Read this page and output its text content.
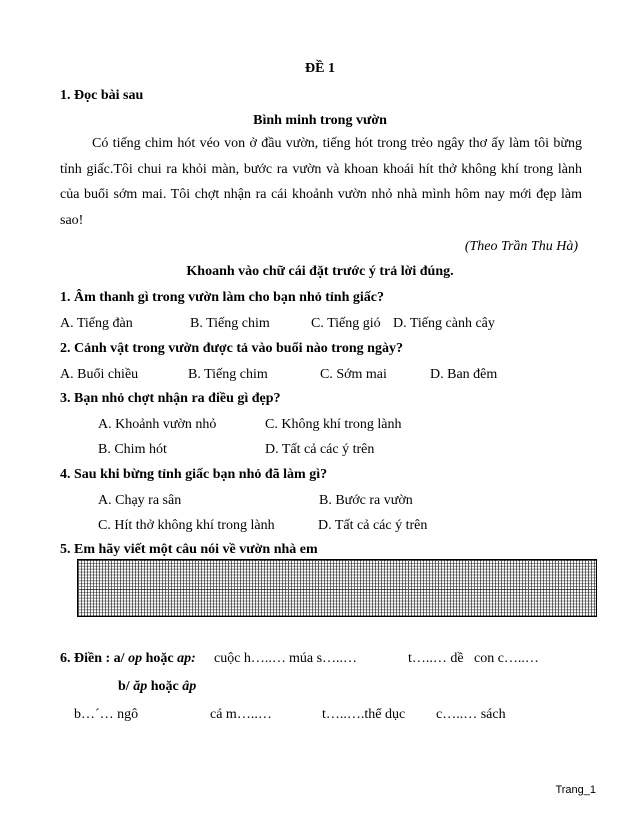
ĐỀ 1
1. Đọc bài sau
Bình minh trong vườn
Có tiếng chim hót véo von ở đầu vườn, tiếng hót trong trẻo ngây thơ ấy làm tôi bừng tỉnh giấc.Tôi chui ra khỏi màn, bước ra vườn và khoan khoái hít thở không khí trong lành của buổi sớm mai. Tôi chợt nhận ra cái khoảnh vườn nhỏ nhà mình hôm nay mới đẹp làm sao!
(Theo Trần Thu Hà)
Khoanh vào chữ cái đặt trước ý trả lời đúng.
1. Âm thanh gì trong vườn làm cho bạn nhỏ tỉnh giấc?
A. Tiếng đàn	B. Tiếng chim	C. Tiếng gió D. Tiếng cành cây
2. Cảnh vật trong vườn được tả vào buổi nào trong ngày?
A. Buổi chiều	B. Tiếng chim	C. Sớm mai	D. Ban đêm
3. Bạn nhỏ chợt nhận ra điều gì đẹp?
A. Khoảnh vườn nhỏ	C. Không khí trong lành
B. Chim hót	D. Tất cả các ý trên
4. Sau khi bừng tỉnh giấc bạn nhỏ đã làm gì?
A. Chạy ra sân	B. Bước ra vườn
C. Hít thở không khí trong lành	D. Tất cả các ý trên
5. Em hãy viết một câu nói về vườn nhà em
6. Điền : a/ op hoặc ap: cuộc h…..… múa s…..…	t…..… dề con c…..…
b/ ăp hoặc âp
b…´… ngô	cá m…..…	t…..….thể dục c…..… sách
Trang_1
